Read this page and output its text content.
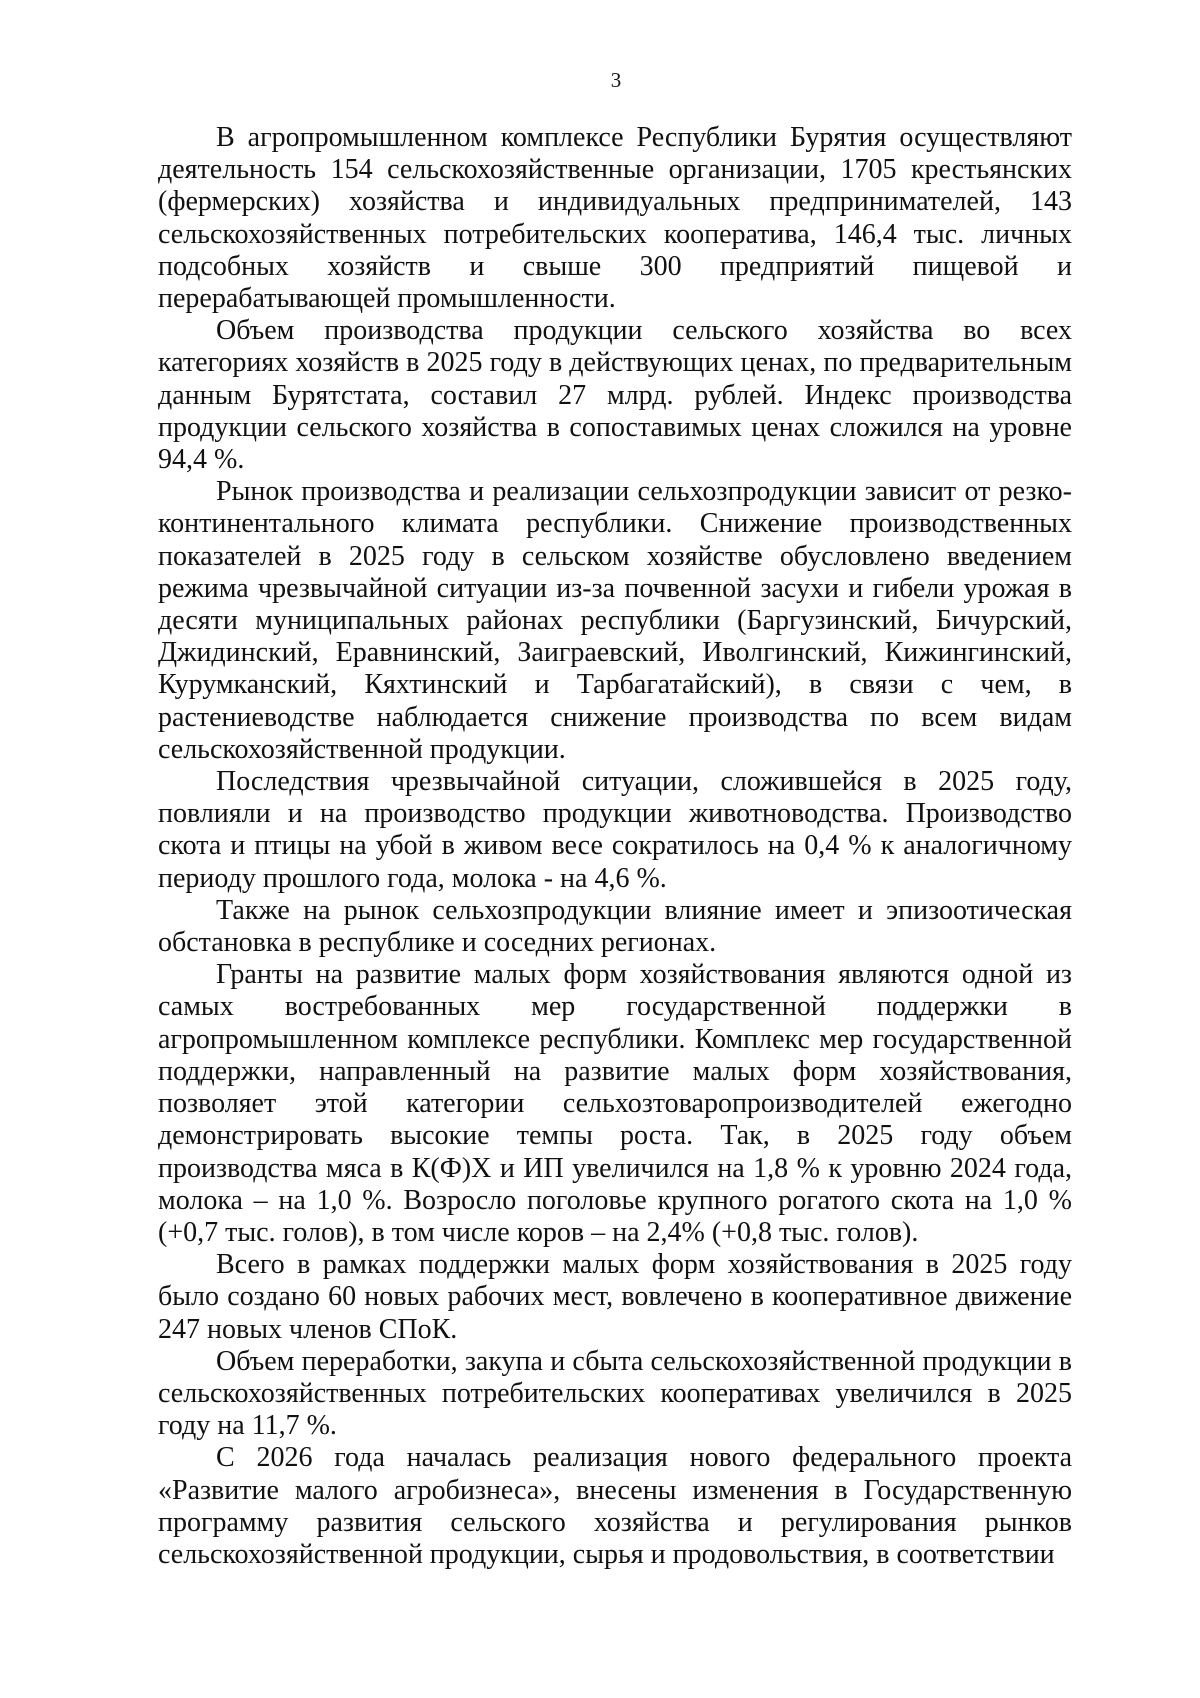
3

В агропромышленном комплексе Республики Бурятия осуществляют деятельность 154 сельскохозяйственные организации, 1705 крестьянских (фермерских) хозяйства и индивидуальных предпринимателей, 143 сельскохозяйственных потребительских кооператива, 146,4 тыс. личных подсобных хозяйств и свыше 300 предприятий пищевой и перерабатывающей промышленности.

Объем производства продукции сельского хозяйства во всех категориях хозяйств в 2025 году в действующих ценах, по предварительным данным Бурятстата, составил 27 млрд. рублей. Индекс производства продукции сельского хозяйства в сопоставимых ценах сложился на уровне 94,4 %.

Рынок производства и реализации сельхозпродукции зависит от резко-континентального климата республики. Снижение производственных показателей в 2025 году в сельском хозяйстве обусловлено введением режима чрезвычайной ситуации из-за почвенной засухи и гибели урожая в десяти муниципальных районах республики (Баргузинский, Бичурский, Джидинский, Еравнинский, Заиграевский, Иволгинский, Кижингинский, Курумканский, Кяхтинский и Тарбагатайский), в связи с чем, в растениеводстве наблюдается снижение производства по всем видам сельскохозяйственной продукции.

Последствия чрезвычайной ситуации, сложившейся в 2025 году, повлияли и на производство продукции животноводства. Производство скота и птицы на убой в живом весе сократилось на 0,4 % к аналогичному периоду прошлого года, молока - на 4,6 %.

Также на рынок сельхозпродукции влияние имеет и эпизоотическая обстановка в республике и соседних регионах.

Гранты на развитие малых форм хозяйствования являются одной из самых востребованных мер государственной поддержки в агропромышленном комплексе республики. Комплекс мер государственной поддержки, направленный на развитие малых форм хозяйствования, позволяет этой категории сельхозтоваропроизводителей ежегодно демонстрировать высокие темпы роста. Так, в 2025 году объем производства мяса в К(Ф)Х и ИП увеличился на 1,8 % к уровню 2024 года, молока – на 1,0 %. Возросло поголовье крупного рогатого скота на 1,0 % (+0,7 тыс. голов), в том числе коров – на 2,4% (+0,8 тыс. голов).

Всего в рамках поддержки малых форм хозяйствования в 2025 году было создано 60 новых рабочих мест, вовлечено в кооперативное движение 247 новых членов СПоК.

Объем переработки, закупа и сбыта сельскохозяйственной продукции в сельскохозяйственных потребительских кооперативах увеличился в 2025 году на 11,7 %.

С 2026 года началась реализация нового федерального проекта «Развитие малого агробизнеса», внесены изменения в Государственную программу развития сельского хозяйства и регулирования рынков сельскохозяйственной продукции, сырья и продовольствия, в соответствии
